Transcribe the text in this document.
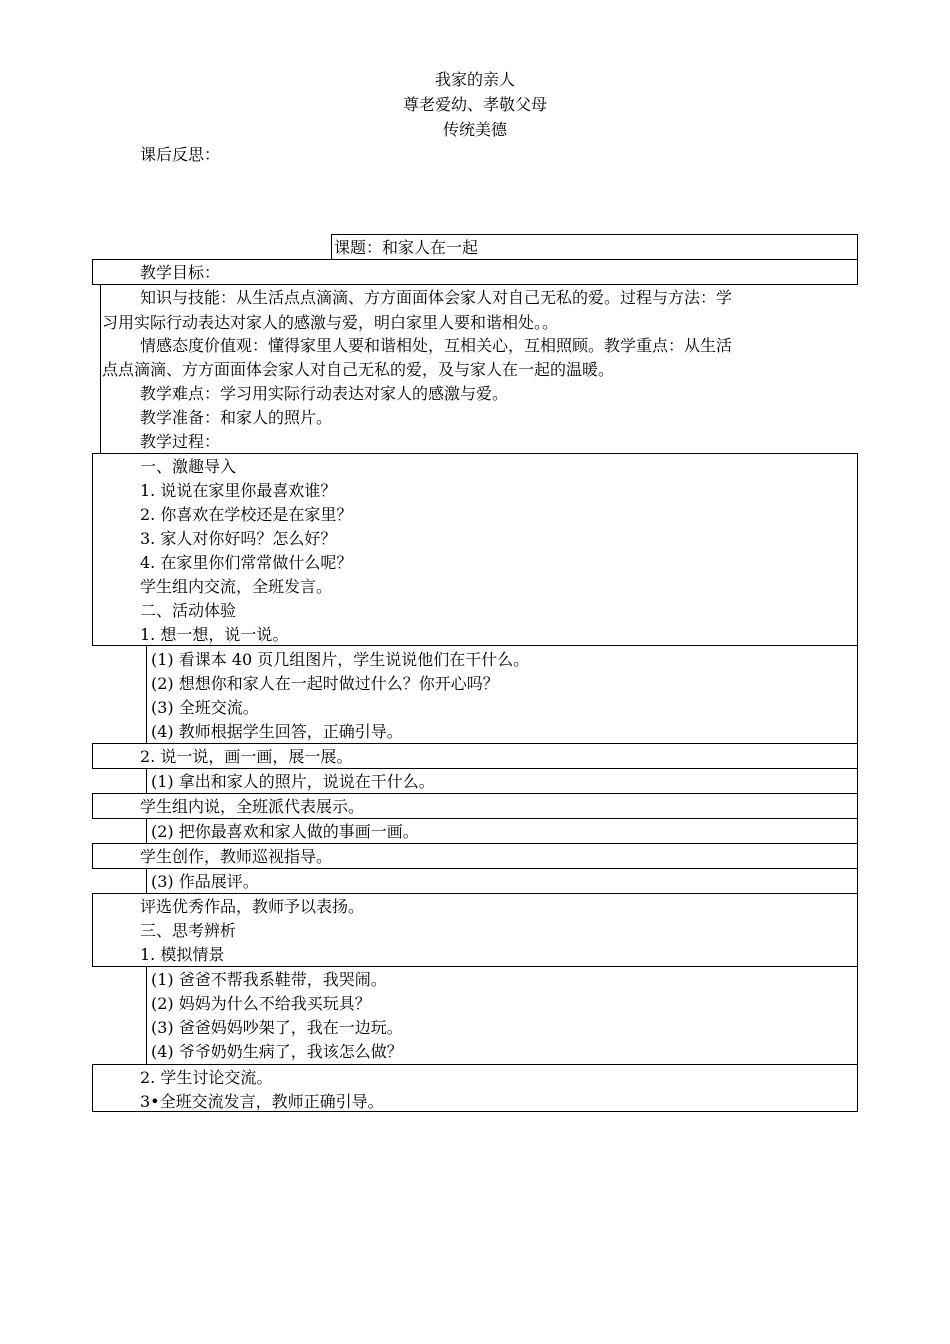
我家的亲人
尊老爱幼、孝敬父母
传统美德
课后反思：
课题：和家人在一起
教学目标：
知识与技能：从生活点点滴滴、方方面面体会家人对自己无私的爱。过程与方法：学
习用实际行动表达对家人的感激与爱，明白家里人要和谐相处。。
情感态度价值观：懂得家里人要和谐相处，互相关心，互相照顾。教学重点：从生活
点点滴滴、方方面面体会家人对自己无私的爱，及与家人在一起的温暖。
教学难点：学习用实际行动表达对家人的感激与爱。
教学准备：和家人的照片。
教学过程：
一、激趣导入
1. 说说在家里你最喜欢谁？
2. 你喜欢在学校还是在家里？
3. 家人对你好吗？怎么好？
4. 在家里你们常常做什么呢？
学生组内交流，全班发言。
二、活动体验
1. 想一想，说一说。
(1) 看课本 40 页几组图片，学生说说他们在干什么。
(2) 想想你和家人在一起时做过什么？你开心吗？
(3) 全班交流。
(4) 教师根据学生回答，正确引导。
2. 说一说，画一画，展一展。
(1) 拿出和家人的照片，说说在干什么。
学生组内说，全班派代表展示。
(2) 把你最喜欢和家人做的事画一画。
学生创作，教师巡视指导。
(3) 作品展评。
评选优秀作品，教师予以表扬。
三、思考辨析
1. 模拟情景
(1) 爸爸不帮我系鞋带，我哭闹。
(2) 妈妈为什么不给我买玩具？
(3) 爸爸妈妈吵架了，我在一边玩。
(4) 爷爷奶奶生病了，我该怎么做？
2. 学生讨论交流。
3•全班交流发言，教师正确引导。
